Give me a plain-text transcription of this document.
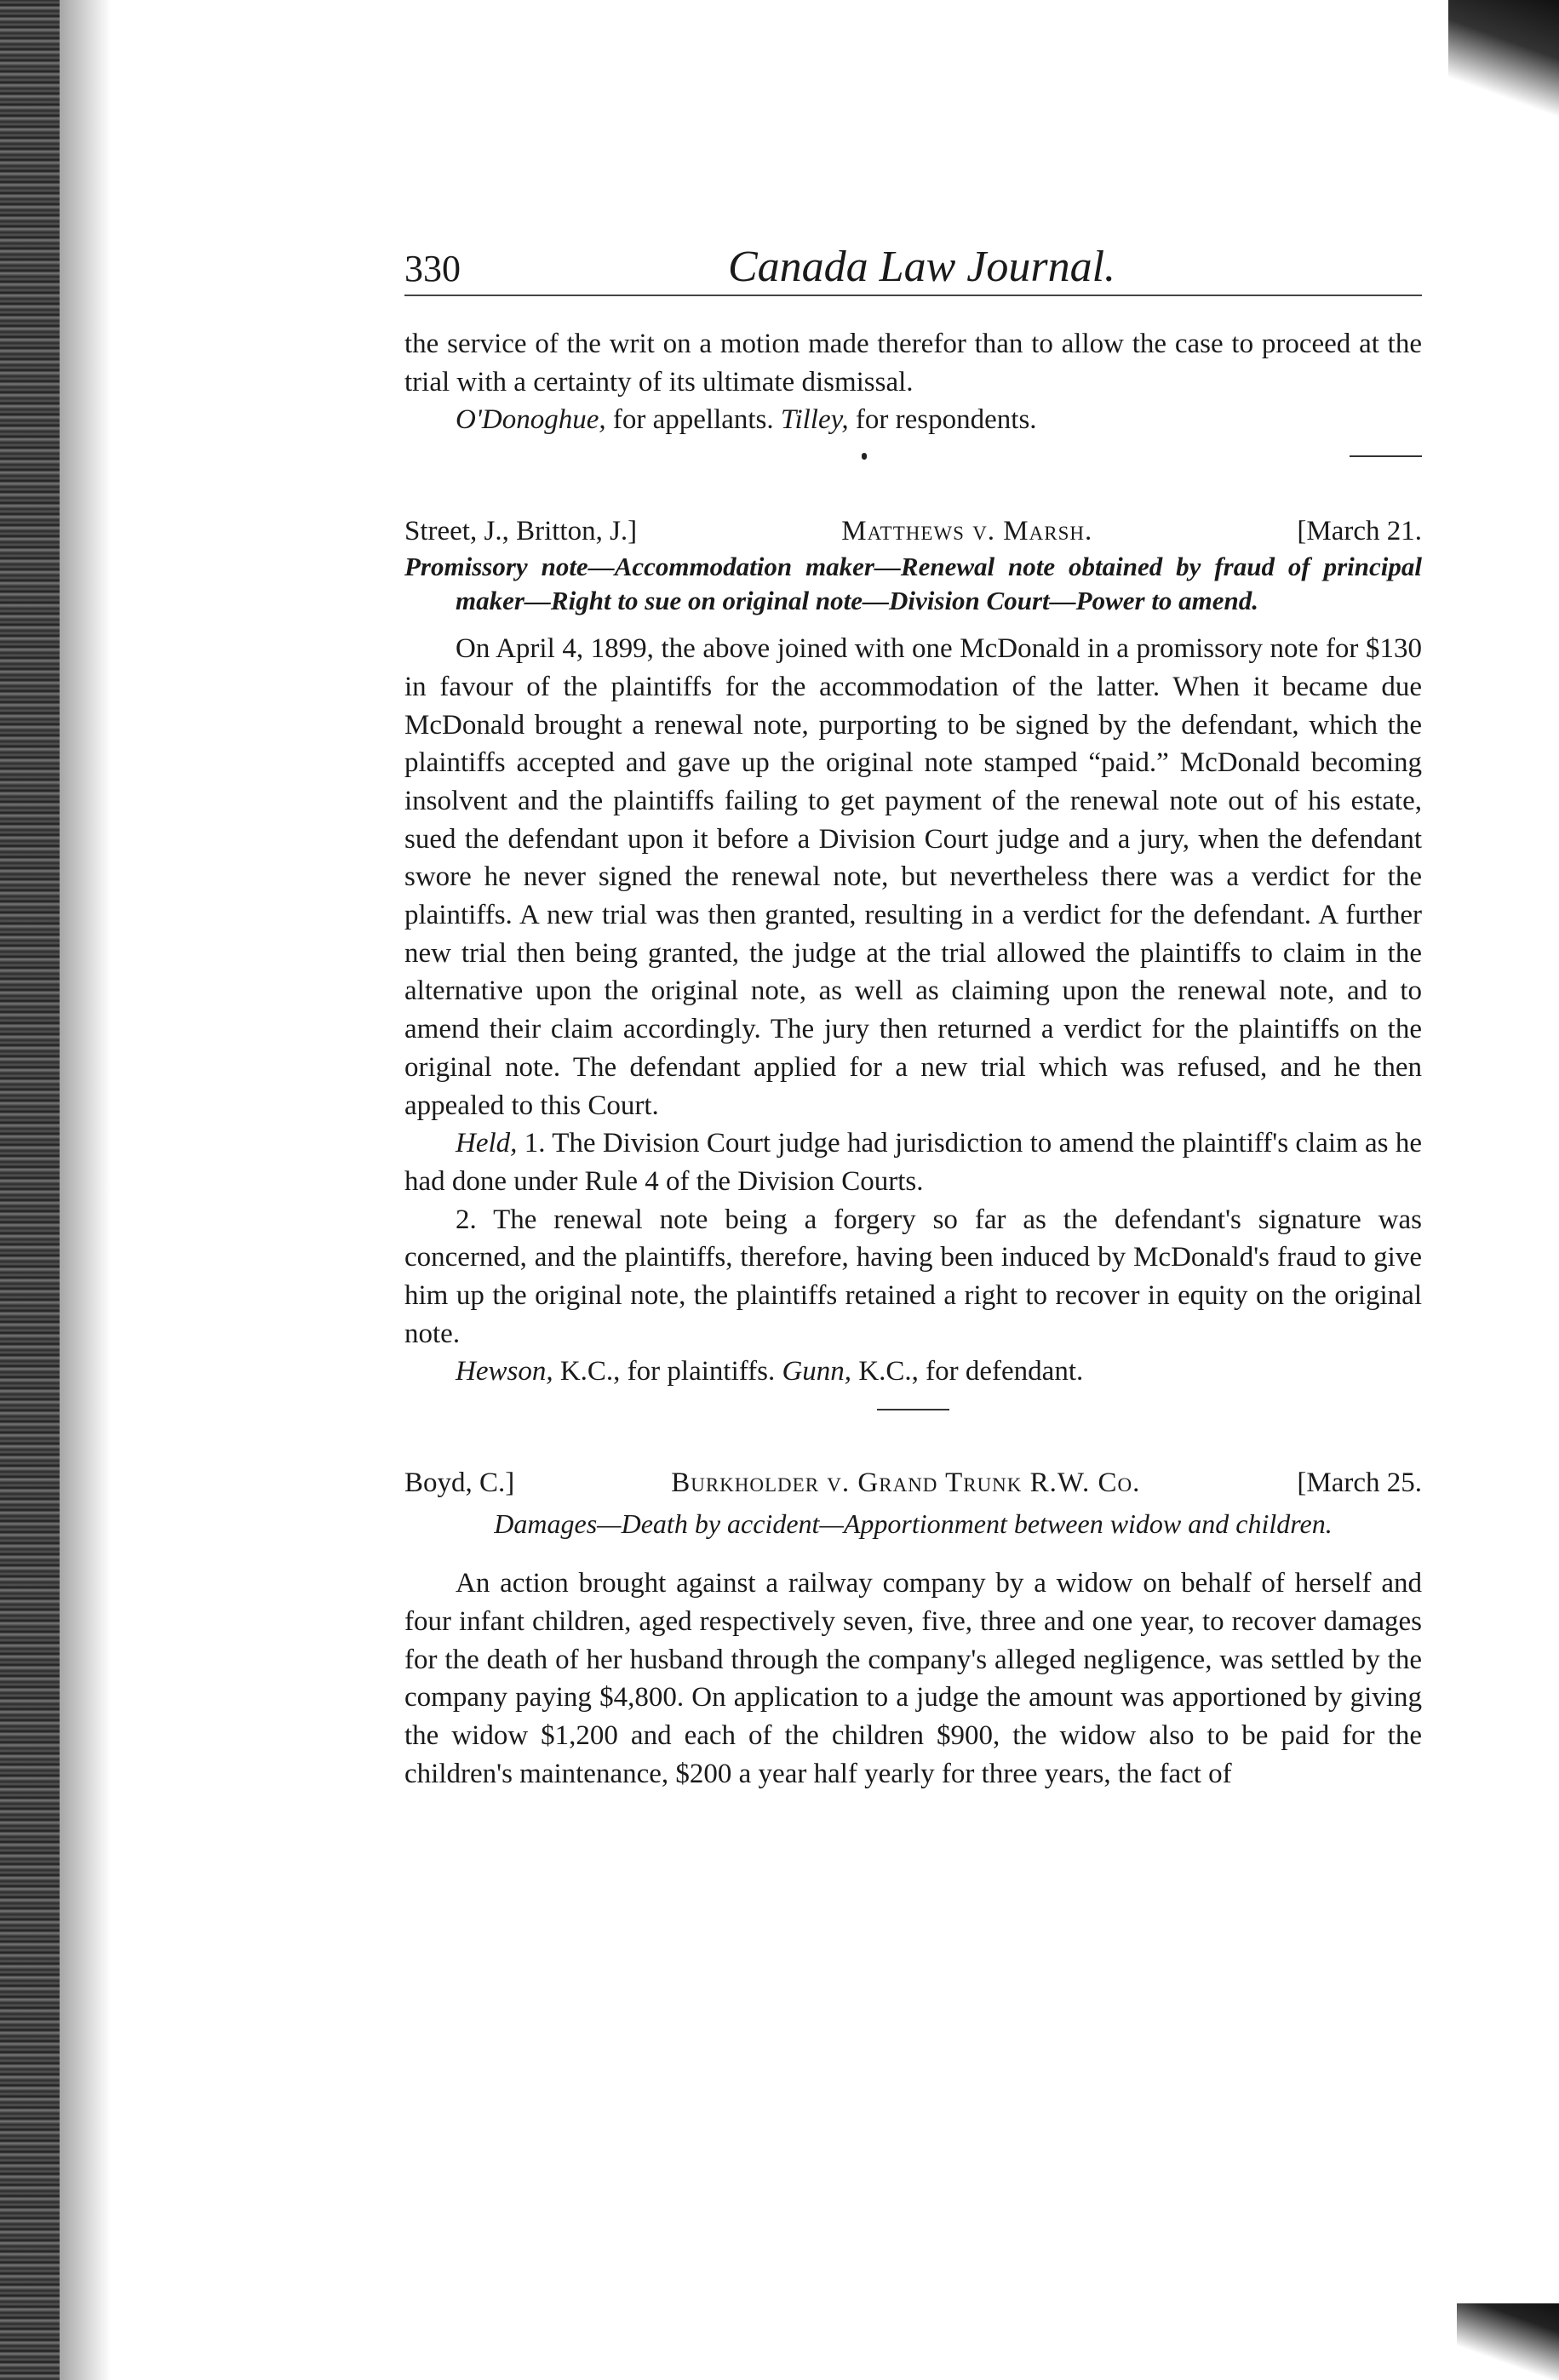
330	Canada Law Journal.

the service of the writ on a motion made therefor than to allow the case to proceed at the trial with a certainty of its ultimate dismissal.

O'Donoghue, for appellants. Tilley, for respondents.

Street, J., Britton, J.]	Matthews v. Marsh.	[March 21.
Promissory note—Accommodation maker—Renewal note obtained by fraud of principal maker—Right to sue on original note—Division Court—Power to amend.

On April 4, 1899, the above joined with one McDonald in a promissory note for $130 in favour of the plaintiffs for the accommodation of the latter. When it became due McDonald brought a renewal note, purporting to be signed by the defendant, which the plaintiffs accepted and gave up the original note stamped “paid.” McDonald becoming insolvent and the plaintiffs failing to get payment of the renewal note out of his estate, sued the defendant upon it before a Division Court judge and a jury, when the defendant swore he never signed the renewal note, but nevertheless there was a verdict for the plaintiffs. A new trial was then granted, resulting in a verdict for the defendant. A further new trial then being granted, the judge at the trial allowed the plaintiffs to claim in the alternative upon the original note, as well as claiming upon the renewal note, and to amend their claim accordingly. The jury then returned a verdict for the plaintiffs on the original note. The defendant applied for a new trial which was refused, and he then appealed to this Court.

Held, 1. The Division Court judge had jurisdiction to amend the plaintiff's claim as he had done under Rule 4 of the Division Courts.

2. The renewal note being a forgery so far as the defendant's signature was concerned, and the plaintiffs, therefore, having been induced by McDonald's fraud to give him up the original note, the plaintiffs retained a right to recover in equity on the original note.

Hewson, K.C., for plaintiffs. Gunn, K.C., for defendant.

Boyd, C.]	Burkholder v. Grand Trunk R.W. Co.	[March 25.
Damages—Death by accident—Apportionment between widow and children.

An action brought against a railway company by a widow on behalf of herself and four infant children, aged respectively seven, five, three and one year, to recover damages for the death of her husband through the company's alleged negligence, was settled by the company paying $4,800. On application to a judge the amount was apportioned by giving the widow $1,200 and each of the children $900, the widow also to be paid for the children's maintenance, $200 a year half yearly for three years, the fact of
